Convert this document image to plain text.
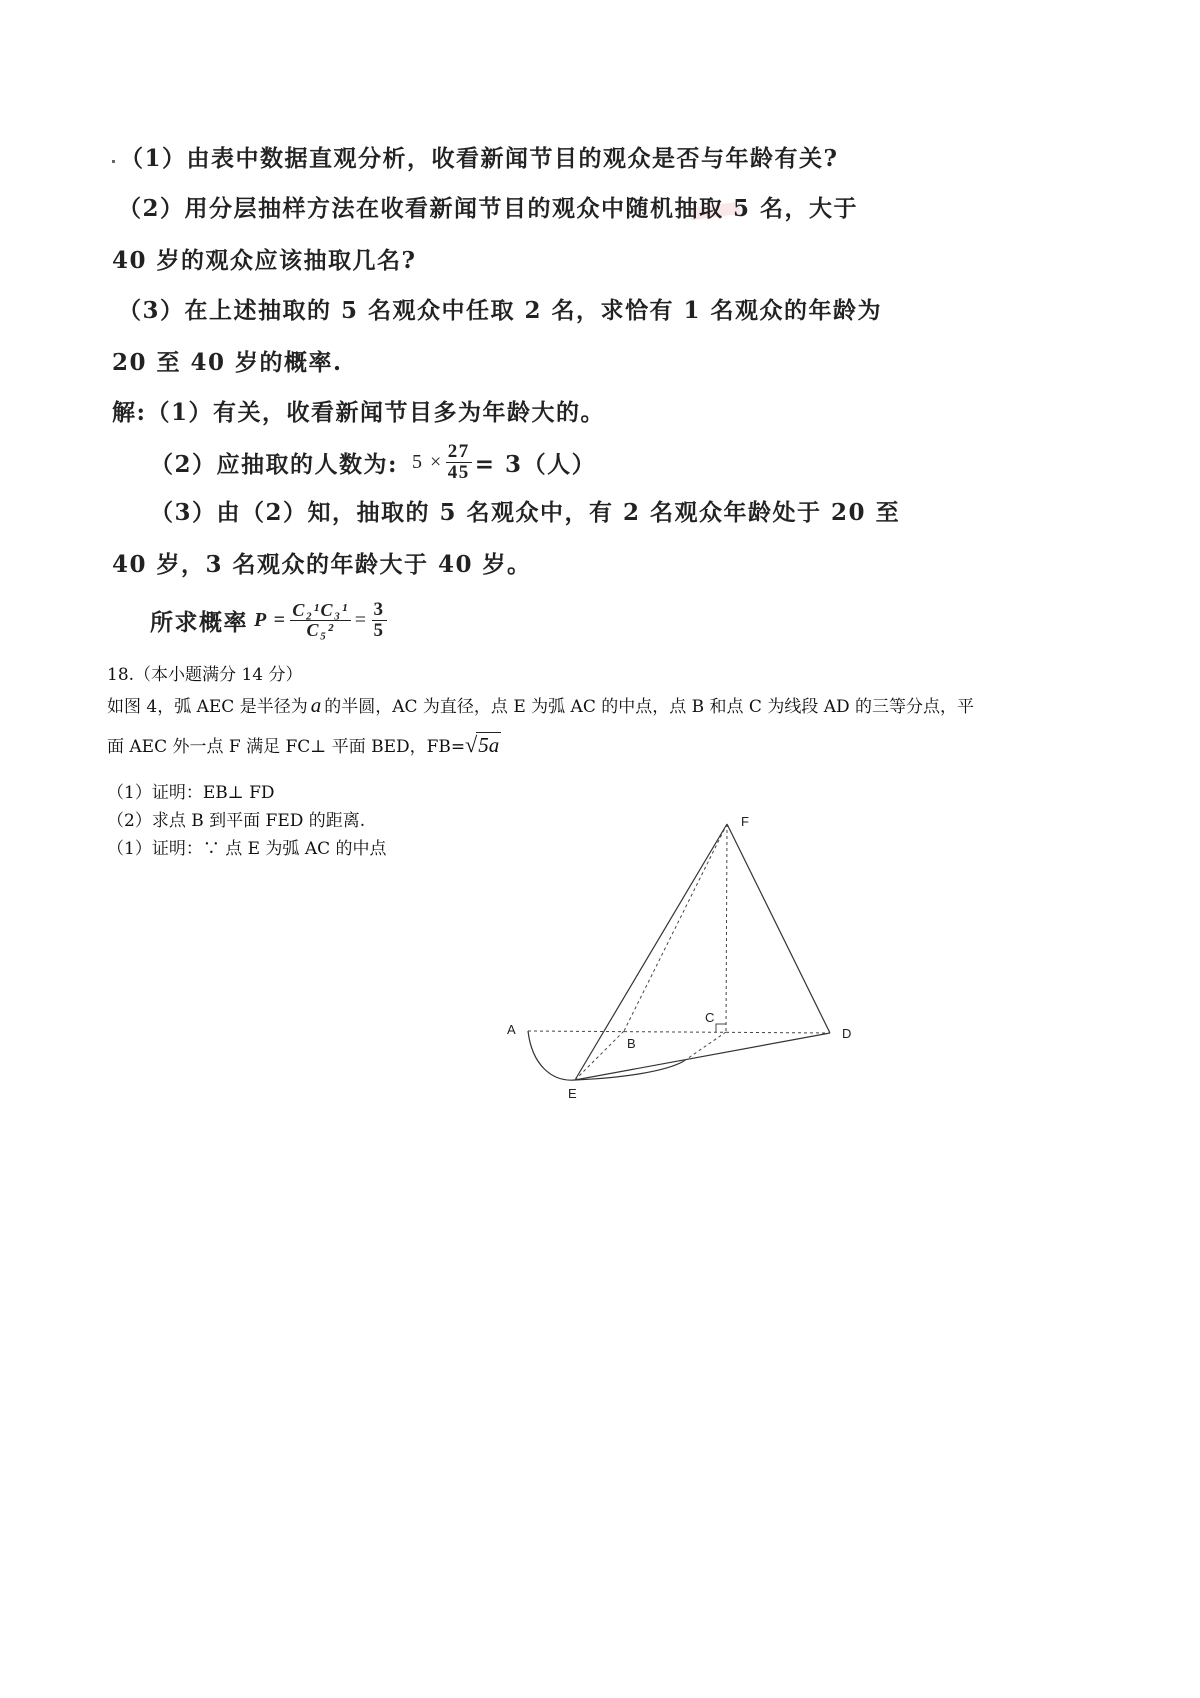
（1）由表中数据直观分析，收看新闻节目的观众是否与年龄有关?
（2）用分层抽样方法在收看新闻节目的观众中随机抽取 5 名，大于
40 岁的观众应该抽取几名?
（3）在上述抽取的 5 名观众中任取 2 名，求恰有 1 名观众的年龄为
20 至 40 岁的概率.
解:（1）有关，收看新闻节目多为年龄大的。
（2）应抽取的人数为: $5 \times \frac{27}{45} = 3$（人）
（3）由（2）知，抽取的 5 名观众中，有 2 名观众年龄处于 20 至
40 岁，3 名观众的年龄大于 40 岁。
所求概率 $P = \frac{\text{C₂¹C₃¹}}{\text{C₅²}} = \frac{3}{5}$
18.（本小题满分 14 分）
如图 4，弧 AEC 是半径为 a 的半圆，AC 为直径，点 E 为弧 AC 的中点，点 B 和点 C 为线段 AD 的三等分点，平
面 AEC 外一点 F 满足 FC⊥ 平面 BED，FB=√5a
（1）证明：EB⊥ FD
（2）求点 B 到平面 FED 的距离.
（1）证明：∵ 点 E 为弧 AC 的中点
F
A
B
C
D
E
